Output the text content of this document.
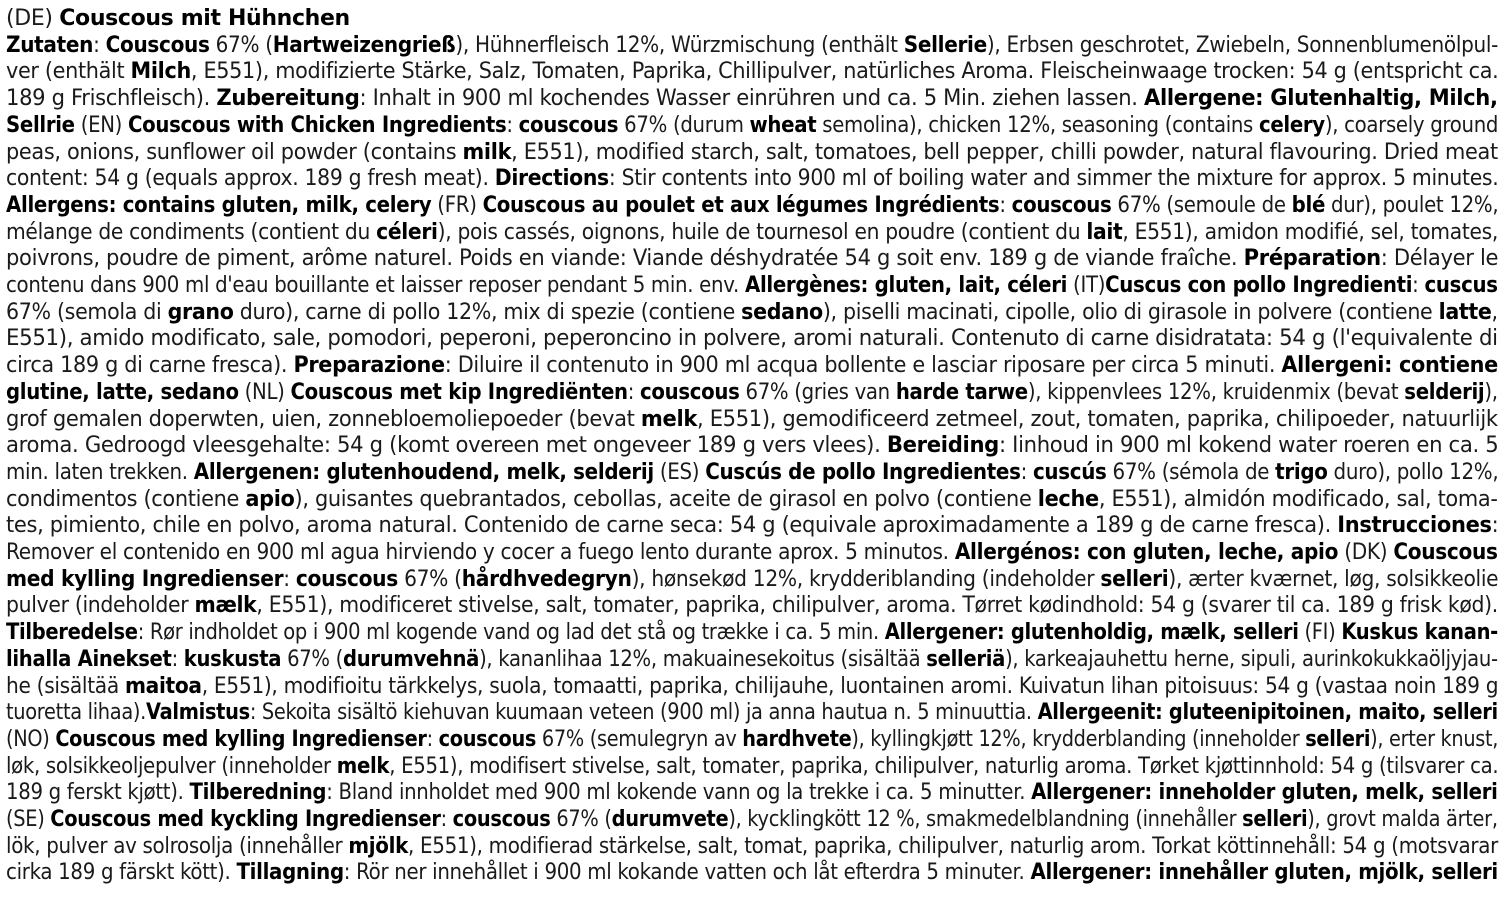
(DE) Couscous mit Hühnchen
Zutaten: Couscous 67% (Hartweizengrieß), Hühnerfleisch 12%, Würzmischung (enthält Sellerie), Erbsen geschrotet, Zwiebeln, Sonnenblumenölpul-
ver (enthält Milch, E551), modifizierte Stärke, Salz, Tomaten, Paprika, Chillipulver, natürliches Aroma. Fleischeinwaage trocken: 54 g (entspricht ca.
189 g Frischfleisch). Zubereitung: Inhalt in 900 ml kochendes Wasser einrühren und ca. 5 Min. ziehen lassen. Allergene: Glutenhaltig, Milch,
Sellrie (EN) Couscous with Chicken Ingredients: couscous 67% (durum wheat semolina), chicken 12%, seasoning (contains celery), coarsely ground
peas, onions, sunflower oil powder (contains milk, E551), modified starch, salt, tomatoes, bell pepper, chilli powder, natural flavouring. Dried meat
content: 54 g (equals approx. 189 g fresh meat). Directions: Stir contents into 900 ml of boiling water and simmer the mixture for approx. 5 minutes.
Allergens: contains gluten, milk, celery (FR) Couscous au poulet et aux légumes Ingrédients: couscous 67% (semoule de blé dur), poulet 12%,
mélange de condiments (contient du céleri), pois cassés, oignons, huile de tournesol en poudre (contient du lait, E551), amidon modifié, sel, tomates,
poivrons, poudre de piment, arôme naturel. Poids en viande: Viande déshydratée 54 g soit env. 189 g de viande fraîche. Préparation: Délayer le
contenu dans 900 ml d'eau bouillante et laisser reposer pendant 5 min. env. Allergènes: gluten, lait, céleri (IT)Cuscus con pollo Ingredienti: cuscus
67% (semola di grano duro), carne di pollo 12%, mix di spezie (contiene sedano), piselli macinati, cipolle, olio di girasole in polvere (contiene latte,
E551), amido modificato, sale, pomodori, peperoni, peperoncino in polvere, aromi naturali. Contenuto di carne disidratata: 54 g (l'equivalente di
circa 189 g di carne fresca). Preparazione: Diluire il contenuto in 900 ml acqua bollente e lasciar riposare per circa 5 minuti. Allergeni: contiene
glutine, latte, sedano (NL) Couscous met kip Ingrediënten: couscous 67% (gries van harde tarwe), kippenvlees 12%, kruidenmix (bevat selderij),
grof gemalen doperwten, uien, zonnebloemoliepoeder (bevat melk, E551), gemodificeerd zetmeel, zout, tomaten, paprika, chilipoeder, natuurlijk
aroma. Gedroogd vleesgehalte: 54 g (komt overeen met ongeveer 189 g vers vlees). Bereiding: Iinhoud in 900 ml kokend water roeren en ca. 5
min. laten trekken. Allergenen: glutenhoudend, melk, selderij (ES) Cuscús de pollo Ingredientes: cuscús 67% (sémola de trigo duro), pollo 12%,
condimentos (contiene apio), guisantes quebrantados, cebollas, aceite de girasol en polvo (contiene leche, E551), almidón modificado, sal, toma-
tes, pimiento, chile en polvo, aroma natural. Contenido de carne seca: 54 g (equivale aproximadamente a 189 g de carne fresca). Instrucciones:
Remover el contenido en 900 ml agua hirviendo y cocer a fuego lento durante aprox. 5 minutos. Allergénos: con gluten, leche, apio (DK) Couscous
med kylling Ingredienser: couscous 67% (hårdhvedegryn), hønsekød 12%, krydderiblanding (indeholder selleri), ærter kværnet, løg, solsikkeolie
pulver (indeholder mælk, E551), modificeret stivelse, salt, tomater, paprika, chilipulver, aroma. Tørret kødindhold: 54 g (svarer til ca. 189 g frisk kød).
Tilberedelse: Rør indholdet op i 900 ml kogende vand og lad det stå og trække i ca. 5 min. Allergener: glutenholdig, mælk, selleri (FI) Kuskus kanan-
lihalla Ainekset: kuskusta 67% (durumvehnä), kananlihaa 12%, makuainesekoitus (sisältää selleriä), karkeajauhettu herne, sipuli, aurinkokukkaöljyjau-
he (sisältää maitoa, E551), modifioitu tärkkelys, suola, tomaatti, paprika, chilijauhe, luontainen aromi. Kuivatun lihan pitoisuus: 54 g (vastaa noin 189 g
tuoretta lihaa).Valmistus: Sekoita sisältö kiehuvan kuumaan veteen (900 ml) ja anna hautua n. 5 minuuttia. Allergeenit: gluteenipitoinen, maito, selleri
(NO) Couscous med kylling Ingredienser: couscous 67% (semulegryn av hardhvete), kyllingkjøtt 12%, krydderblanding (inneholder selleri), erter knust,
løk, solsikkeoljepulver (inneholder melk, E551), modifisert stivelse, salt, tomater, paprika, chilipulver, naturlig aroma. Tørket kjøttinnhold: 54 g (tilsvarer ca.
189 g ferskt kjøtt). Tilberedning: Bland innholdet med 900 ml kokende vann og la trekke i ca. 5 minutter. Allergener: inneholder gluten, melk, selleri
(SE) Couscous med kyckling Ingredienser: couscous 67% (durumvete), kycklingkött 12 %, smakmedelblandning (innehåller selleri), grovt malda ärter,
lök, pulver av solrosolja (innehåller mjölk, E551), modifierad stärkelse, salt, tomat, paprika, chilipulver, naturlig arom. Torkat köttinnehåll: 54 g (motsvarar
cirka 189 g färskt kött). Tillagning: Rör ner innehållet i 900 ml kokande vatten och låt efterdra 5 minuter. Allergener: innehåller gluten, mjölk, selleri
